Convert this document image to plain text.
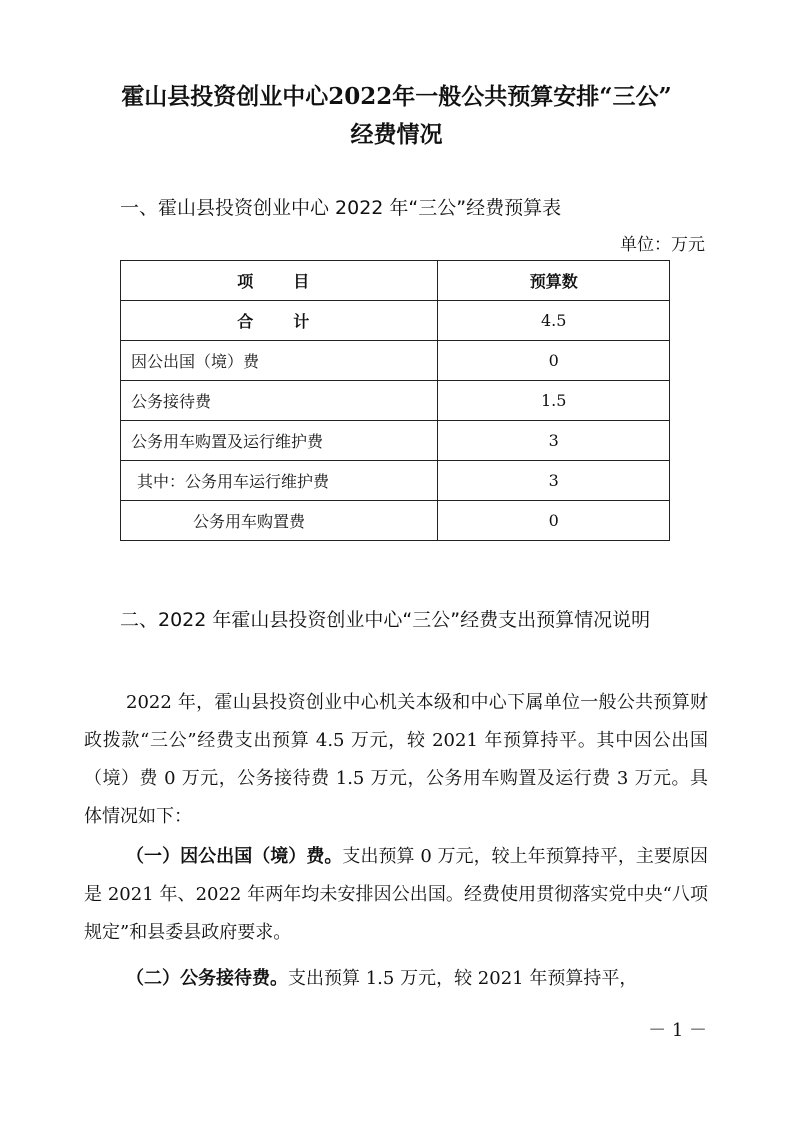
霍山县投资创业中心2022年一般公共预算安排“三公”
经费情况
一、霍山县投资创业中心 2022 年“三公”经费预算表
单位：万元
项　目	预算数
合　计	4.5
因公出国（境）费	0
公务接待费	1.5
公务用车购置及运行维护费	3
其中：公务用车运行维护费	3
公务用车购置费	0
二、2022 年霍山县投资创业中心“三公”经费支出预算情况说明
2022 年，霍山县投资创业中心机关本级和中心下属单位一般公共预算财政拨款“三公”经费支出预算 4.5 万元，较 2021 年预算持平。其中因公出国（境）费 0 万元，公务接待费 1.5 万元，公务用车购置及运行费 3 万元。具体情况如下：
（一）因公出国（境）费。支出预算 0 万元，较上年预算持平，主要原因是 2021 年、2022 年两年均未安排因公出国。经费使用贯彻落实党中央“八项规定”和县委县政府要求。
（二）公务接待费。支出预算 1.5 万元，较 2021 年预算持平，
－ 1 －
